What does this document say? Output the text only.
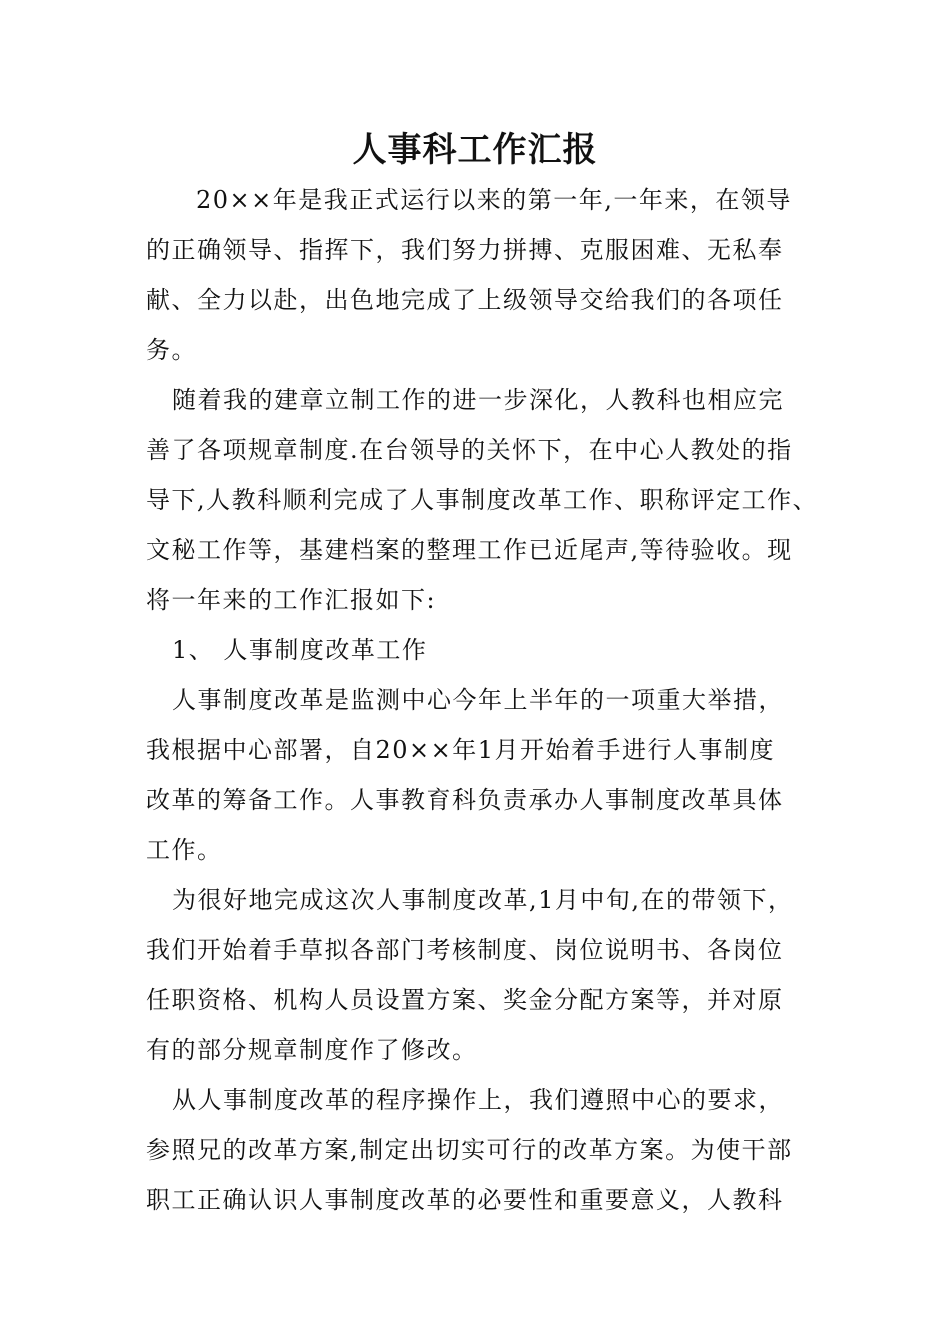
人事科工作汇报
20××年是我正式运行以来的第一年,一年来，在领导
的正确领导、指挥下，我们努力拼搏、克服困难、无私奉
献、全力以赴，出色地完成了上级领导交给我们的各项任
务。
随着我的建章立制工作的进一步深化，人教科也相应完
善了各项规章制度.在台领导的关怀下，在中心人教处的指
导下,人教科顺利完成了人事制度改革工作、职称评定工作、
文秘工作等，基建档案的整理工作已近尾声,等待验收。现
将一年来的工作汇报如下:
1、 人事制度改革工作
人事制度改革是监测中心今年上半年的一项重大举措，
我根据中心部署，自20××年1月开始着手进行人事制度
改革的筹备工作。人事教育科负责承办人事制度改革具体
工作。
为很好地完成这次人事制度改革,1月中旬,在的带领下，
我们开始着手草拟各部门考核制度、岗位说明书、各岗位
任职资格、机构人员设置方案、奖金分配方案等，并对原
有的部分规章制度作了修改。
从人事制度改革的程序操作上，我们遵照中心的要求，
参照兄的改革方案,制定出切实可行的改革方案。为使干部
职工正确认识人事制度改革的必要性和重要意义，人教科
